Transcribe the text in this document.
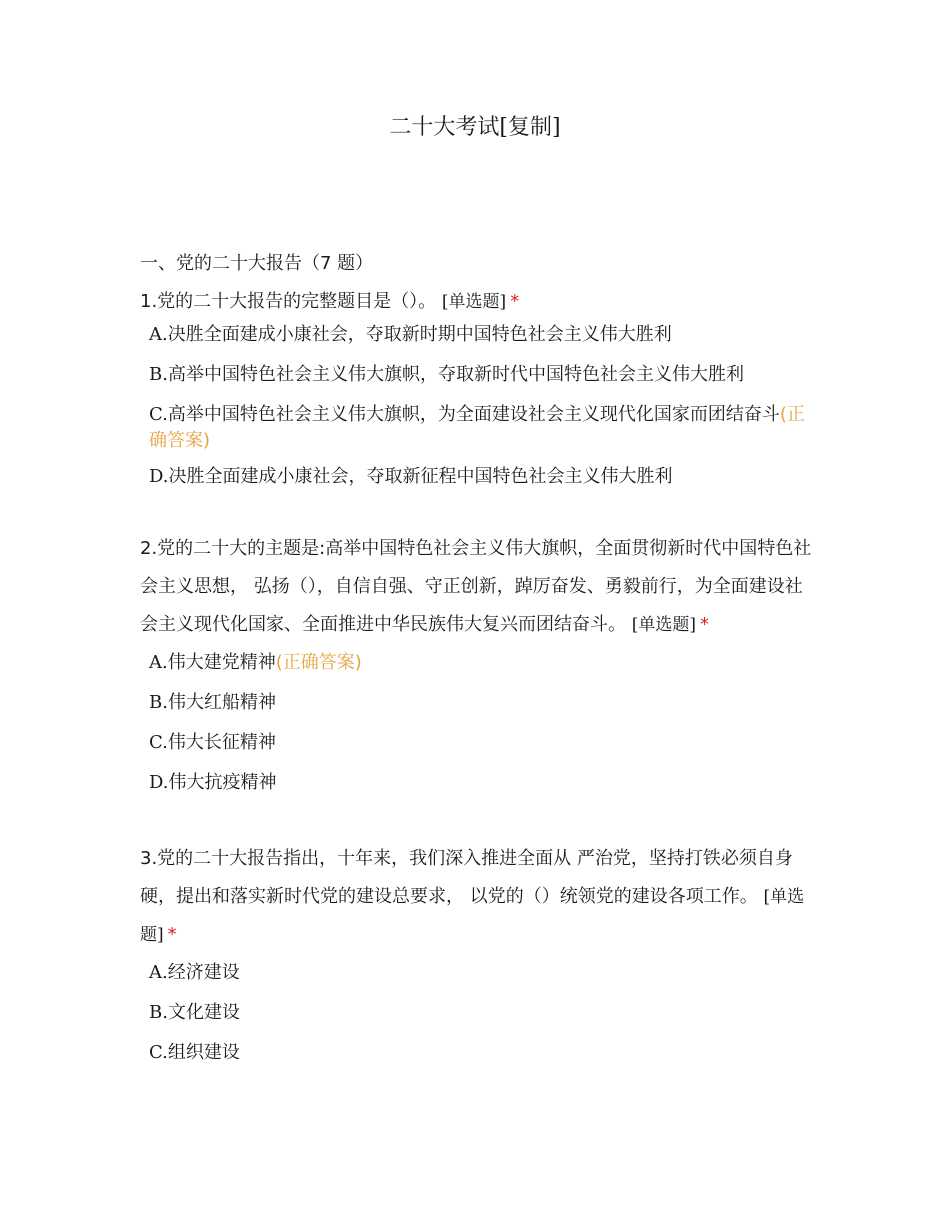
二十大考试[复制]
一、党的二十大报告（7 题）

1.党的二十大报告的完整题目是（）。 [单选题] *

A.决胜全面建成小康社会，夺取新时期中国特色社会主义伟大胜利
B.高举中国特色社会主义伟大旗帜，夺取新时代中国特色社会主义伟大胜利
C.高举中国特色社会主义伟大旗帜，为全面建设社会主义现代化国家而团结奋斗(正确答案)
D.决胜全面建成小康社会，夺取新征程中国特色社会主义伟大胜利

2.党的二十大的主题是:高举中国特色社会主义伟大旗帜，全面贯彻新时代中国特色社会主义思想， 弘扬（），自信自强、守正创新，踔厉奋发、勇毅前行，为全面建设社会主义现代化国家、全面推进中华民族伟大复兴而团结奋斗。 [单选题] *

A.伟大建党精神(正确答案)
B.伟大红船精神
C.伟大长征精神
D.伟大抗疫精神

3.党的二十大报告指出，十年来，我们深入推进全面从 严治党，坚持打铁必须自身硬，提出和落实新时代党的建设总要求， 以党的（）统领党的建设各项工作。 [单选题] *

A.经济建设
B.文化建设
C.组织建设
